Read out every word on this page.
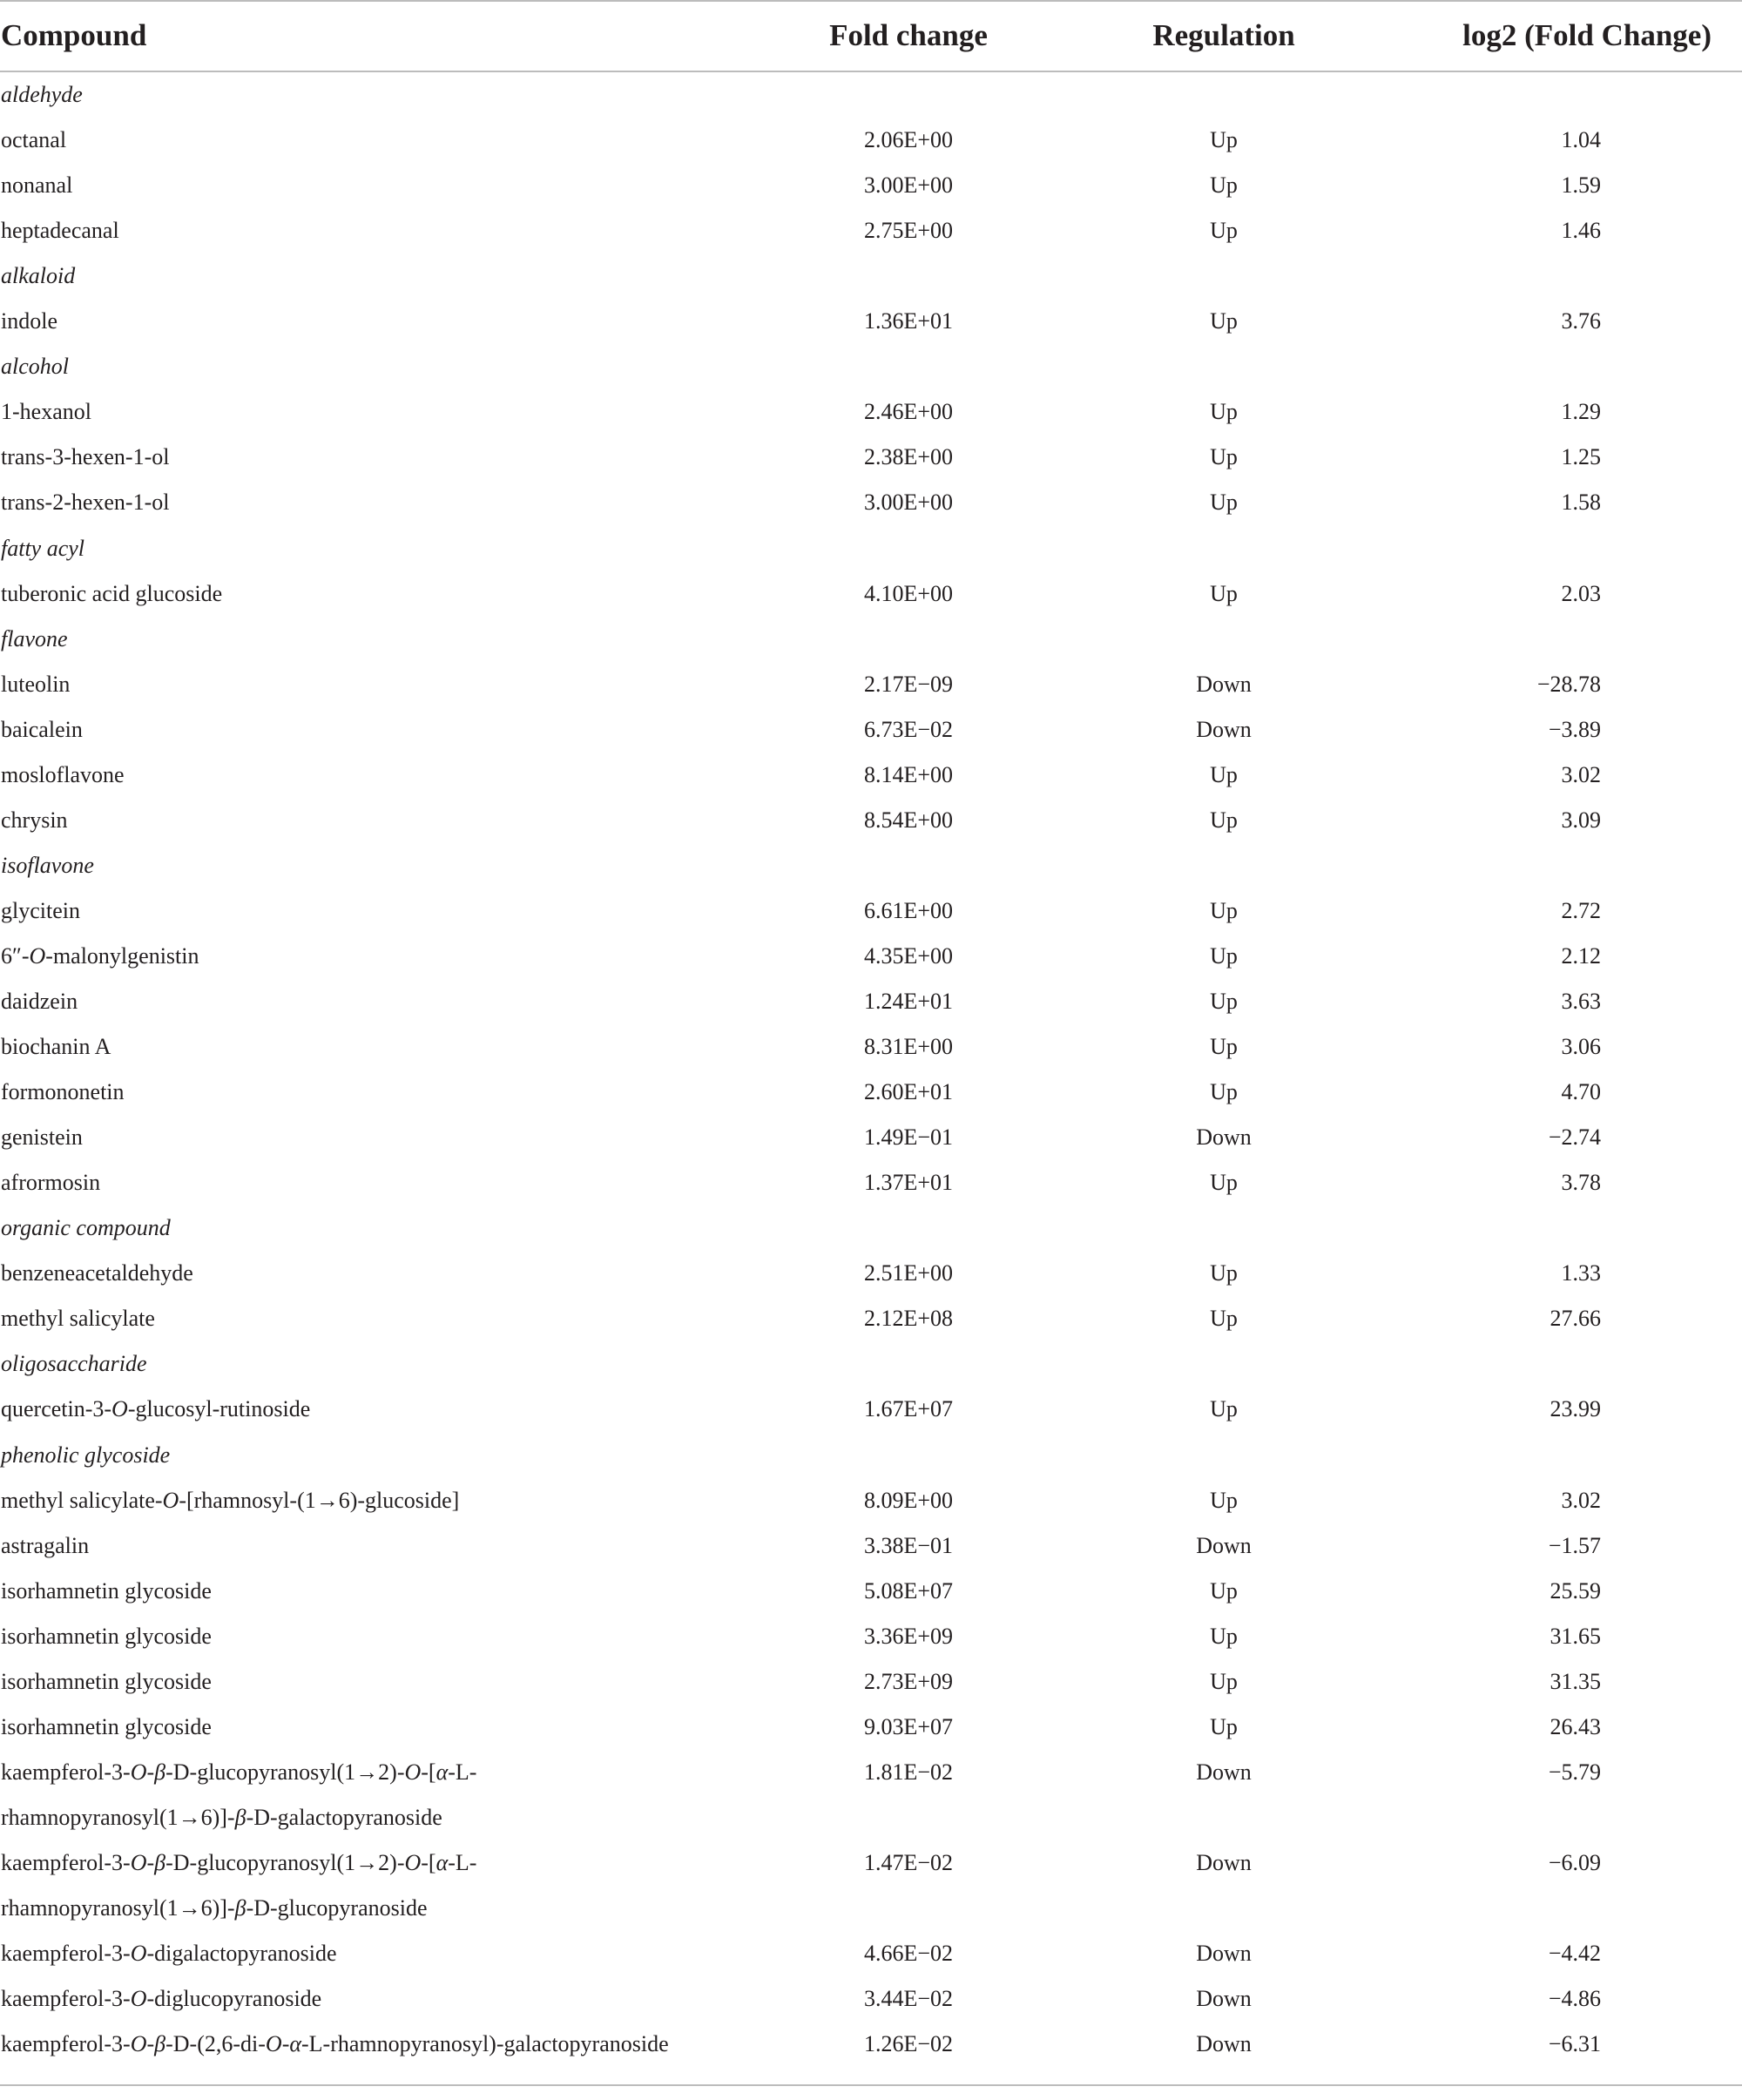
Compound	Fold change	Regulation	log2 (Fold Change)
aldehyde
octanal	2.06E+00	Up	1.04
nonanal	3.00E+00	Up	1.59
heptadecanal	2.75E+00	Up	1.46
alkaloid
indole	1.36E+01	Up	3.76
alcohol
1-hexanol	2.46E+00	Up	1.29
trans-3-hexen-1-ol	2.38E+00	Up	1.25
trans-2-hexen-1-ol	3.00E+00	Up	1.58
fatty acyl
tuberonic acid glucoside	4.10E+00	Up	2.03
flavone
luteolin	2.17E−09	Down	−28.78
baicalein	6.73E−02	Down	−3.89
mosloflavone	8.14E+00	Up	3.02
chrysin	8.54E+00	Up	3.09
isoflavone
glycitein	6.61E+00	Up	2.72
6″-O-malonylgenistin	4.35E+00	Up	2.12
daidzein	1.24E+01	Up	3.63
biochanin A	8.31E+00	Up	3.06
formononetin	2.60E+01	Up	4.70
genistein	1.49E−01	Down	−2.74
afrormosin	1.37E+01	Up	3.78
organic compound
benzeneacetaldehyde	2.51E+00	Up	1.33
methyl salicylate	2.12E+08	Up	27.66
oligosaccharide
quercetin-3-O-glucosyl-rutinoside	1.67E+07	Up	23.99
phenolic glycoside
methyl salicylate-O-[rhamnosyl-(1→6)-glucoside]	8.09E+00	Up	3.02
astragalin	3.38E−01	Down	−1.57
isorhamnetin glycoside	5.08E+07	Up	25.59
isorhamnetin glycoside	3.36E+09	Up	31.65
isorhamnetin glycoside	2.73E+09	Up	31.35
isorhamnetin glycoside	9.03E+07	Up	26.43
kaempferol-3-O-β-D-glucopyranosyl(1→2)-O-[α-L-	1.81E−02	Down	−5.79
rhamnopyranosyl(1→6)]-β-D-galactopyranoside
kaempferol-3-O-β-D-glucopyranosyl(1→2)-O-[α-L-	1.47E−02	Down	−6.09
rhamnopyranosyl(1→6)]-β-D-glucopyranoside
kaempferol-3-O-digalactopyranoside	4.66E−02	Down	−4.42
kaempferol-3-O-diglucopyranoside	3.44E−02	Down	−4.86
kaempferol-3-O-β-D-(2,6-di-O-α-L-rhamnopyranosyl)-galactopyranoside	1.26E−02	Down	−6.31
